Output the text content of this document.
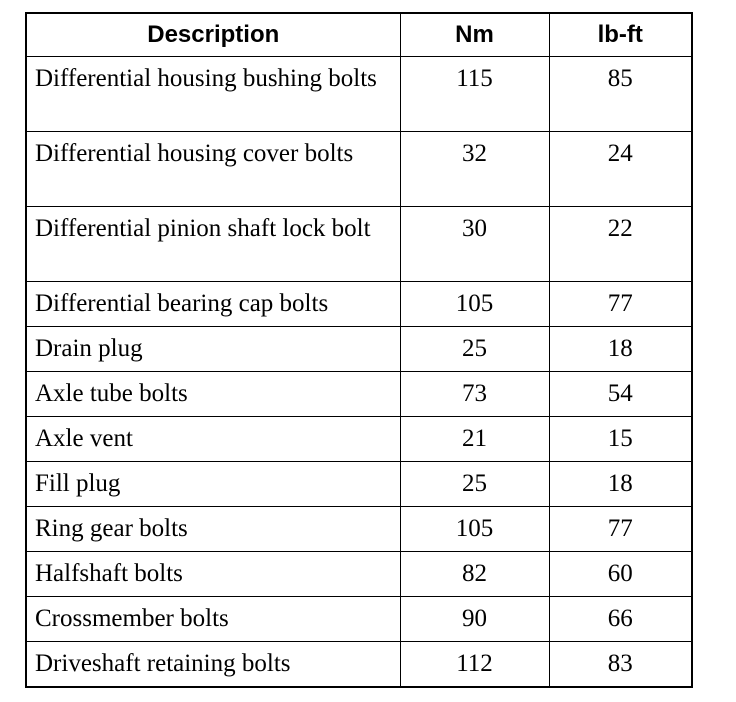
Description	Nm	lb-ft
Differential housing bushing bolts	115	85
Differential housing cover bolts	32	24
Differential pinion shaft lock bolt	30	22
Differential bearing cap bolts	105	77
Drain plug	25	18
Axle tube bolts	73	54
Axle vent	21	15
Fill plug	25	18
Ring gear bolts	105	77
Halfshaft bolts	82	60
Crossmember bolts	90	66
Driveshaft retaining bolts	112	83
